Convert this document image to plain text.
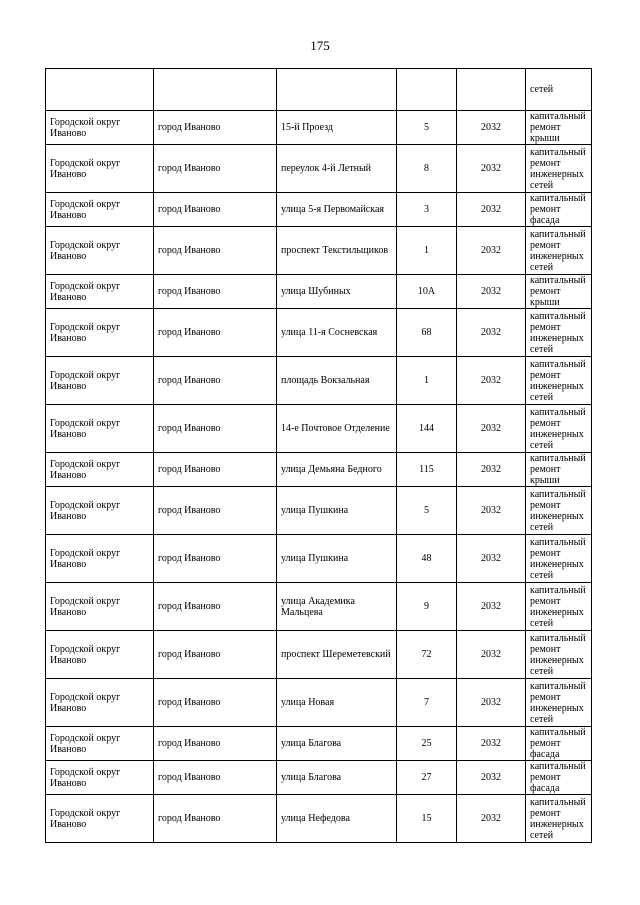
175
					сетей
Городской округ Иваново	город Иваново	15-й Проезд	5	2032	капитальный ремонт крыши
Городской округ Иваново	город Иваново	переулок 4-й Летный	8	2032	капитальный ремонт инженерных сетей
Городской округ Иваново	город Иваново	улица 5-я Первомайская	3	2032	капитальный ремонт фасада
Городской округ Иваново	город Иваново	проспект Текстильщиков	1	2032	капитальный ремонт инженерных сетей
Городской округ Иваново	город Иваново	улица Шубиных	10А	2032	капитальный ремонт крыши
Городской округ Иваново	город Иваново	улица 11-я Сосневская	68	2032	капитальный ремонт инженерных сетей
Городской округ Иваново	город Иваново	площадь Вокзальная	1	2032	капитальный ремонт инженерных сетей
Городской округ Иваново	город Иваново	14-е Почтовое Отделение	144	2032	капитальный ремонт инженерных сетей
Городской округ Иваново	город Иваново	улица Демьяна Бедного	115	2032	капитальный ремонт крыши
Городской округ Иваново	город Иваново	улица Пушкина	5	2032	капитальный ремонт инженерных сетей
Городской округ Иваново	город Иваново	улица Пушкина	48	2032	капитальный ремонт инженерных сетей
Городской округ Иваново	город Иваново	улица Академика Мальцева	9	2032	капитальный ремонт инженерных сетей
Городской округ Иваново	город Иваново	проспект Шереметевский	72	2032	капитальный ремонт инженерных сетей
Городской округ Иваново	город Иваново	улица Новая	7	2032	капитальный ремонт инженерных сетей
Городской округ Иваново	город Иваново	улица Благова	25	2032	капитальный ремонт фасада
Городской округ Иваново	город Иваново	улица Благова	27	2032	капитальный ремонт фасада
Городской округ Иваново	город Иваново	улица Нефедова	15	2032	капитальный ремонт инженерных сетей
